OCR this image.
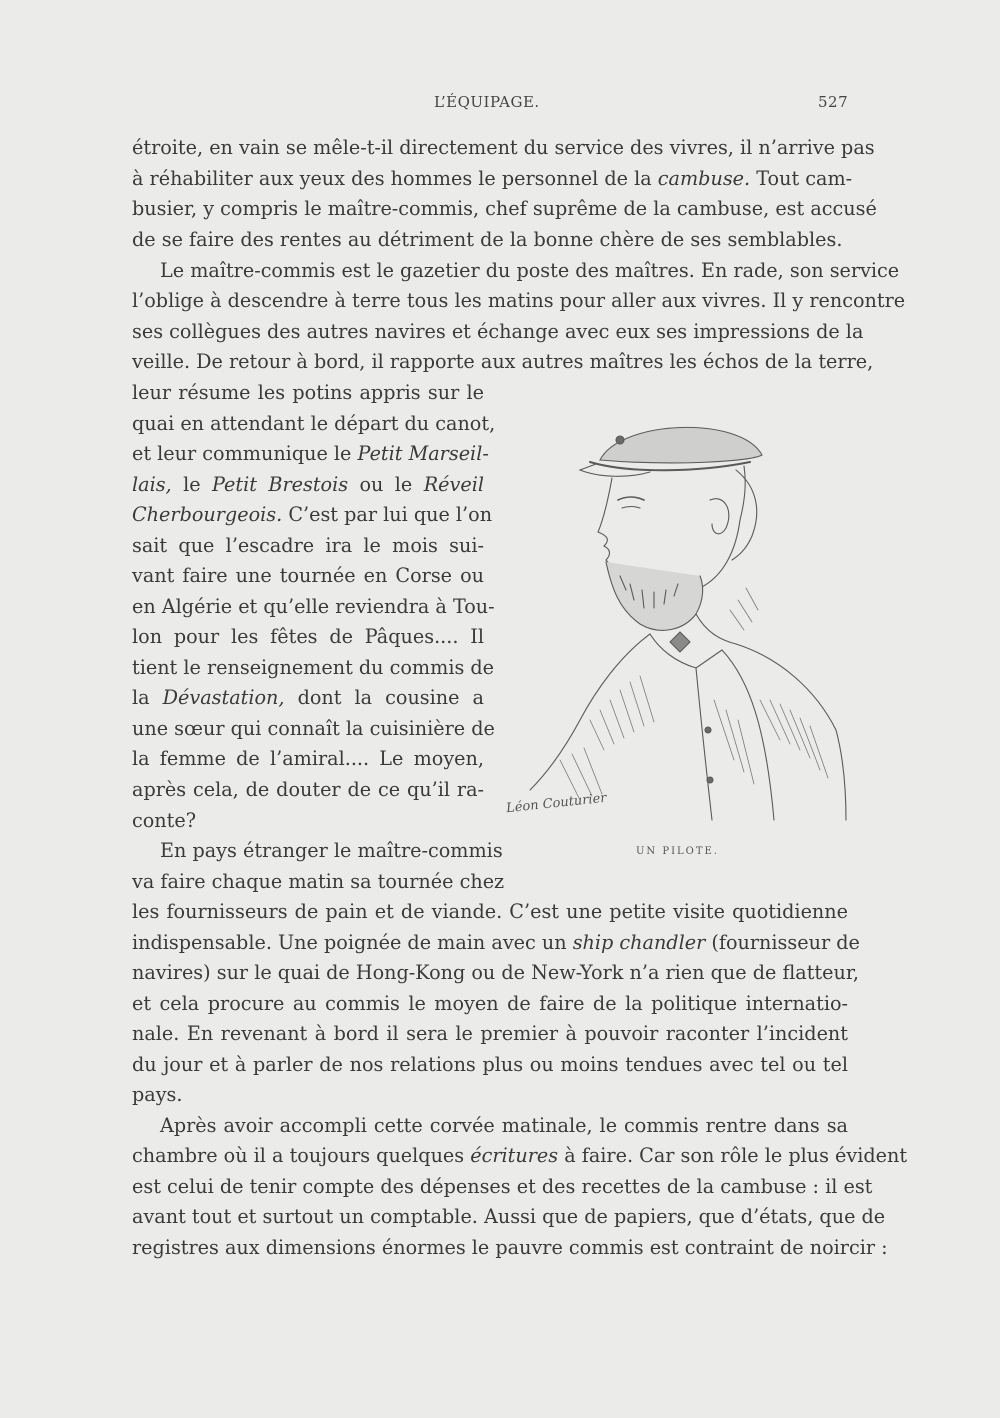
L’ÉQUIPAGE.	527
étroite, en vain se mêle-t-il directement du service des vivres, il n’arrive pas
à réhabiliter aux yeux des hommes le personnel de la cambuse. Tout cam-
busier, y compris le maître-commis, chef suprême de la cambuse, est accusé
de se faire des rentes au détriment de la bonne chère de ses semblables.
Le maître-commis est le gazetier du poste des maîtres. En rade, son service
l’oblige à descendre à terre tous les matins pour aller aux vivres. Il y rencontre
ses collègues des autres navires et échange avec eux ses impressions de la
veille. De retour à bord, il rapporte aux autres maîtres les échos de la terre,
leur résume les potins appris sur le
quai en attendant le départ du canot,
et leur communique le Petit Marseil-
lais, le Petit Brestois ou le Réveil
Cherbourgeois. C’est par lui que l’on
sait que l’escadre ira le mois sui-
vant faire une tournée en Corse ou
en Algérie et qu’elle reviendra à Tou-
lon pour les fêtes de Pâques.... Il
tient le renseignement du commis de
la Dévastation, dont la cousine a
une sœur qui connaît la cuisinière de
la femme de l’amiral.... Le moyen,
après cela, de douter de ce qu’il ra-
conte?
En pays étranger le maître-commis
va faire chaque matin sa tournée chez
les fournisseurs de pain et de viande. C’est une petite visite quotidienne
indispensable. Une poignée de main avec un ship chandler (fournisseur de
navires) sur le quai de Hong-Kong ou de New-York n’a rien que de flatteur,
et cela procure au commis le moyen de faire de la politique internatio-
nale. En revenant à bord il sera le premier à pouvoir raconter l’incident
du jour et à parler de nos relations plus ou moins tendues avec tel ou tel
pays.
Après avoir accompli cette corvée matinale, le commis rentre dans sa
chambre où il a toujours quelques écritures à faire. Car son rôle le plus évident
est celui de tenir compte des dépenses et des recettes de la cambuse : il est
avant tout et surtout un comptable. Aussi que de papiers, que d’états, que de
registres aux dimensions énormes le pauvre commis est contraint de noircir :
Léon Couturier
UN PILOTE.
